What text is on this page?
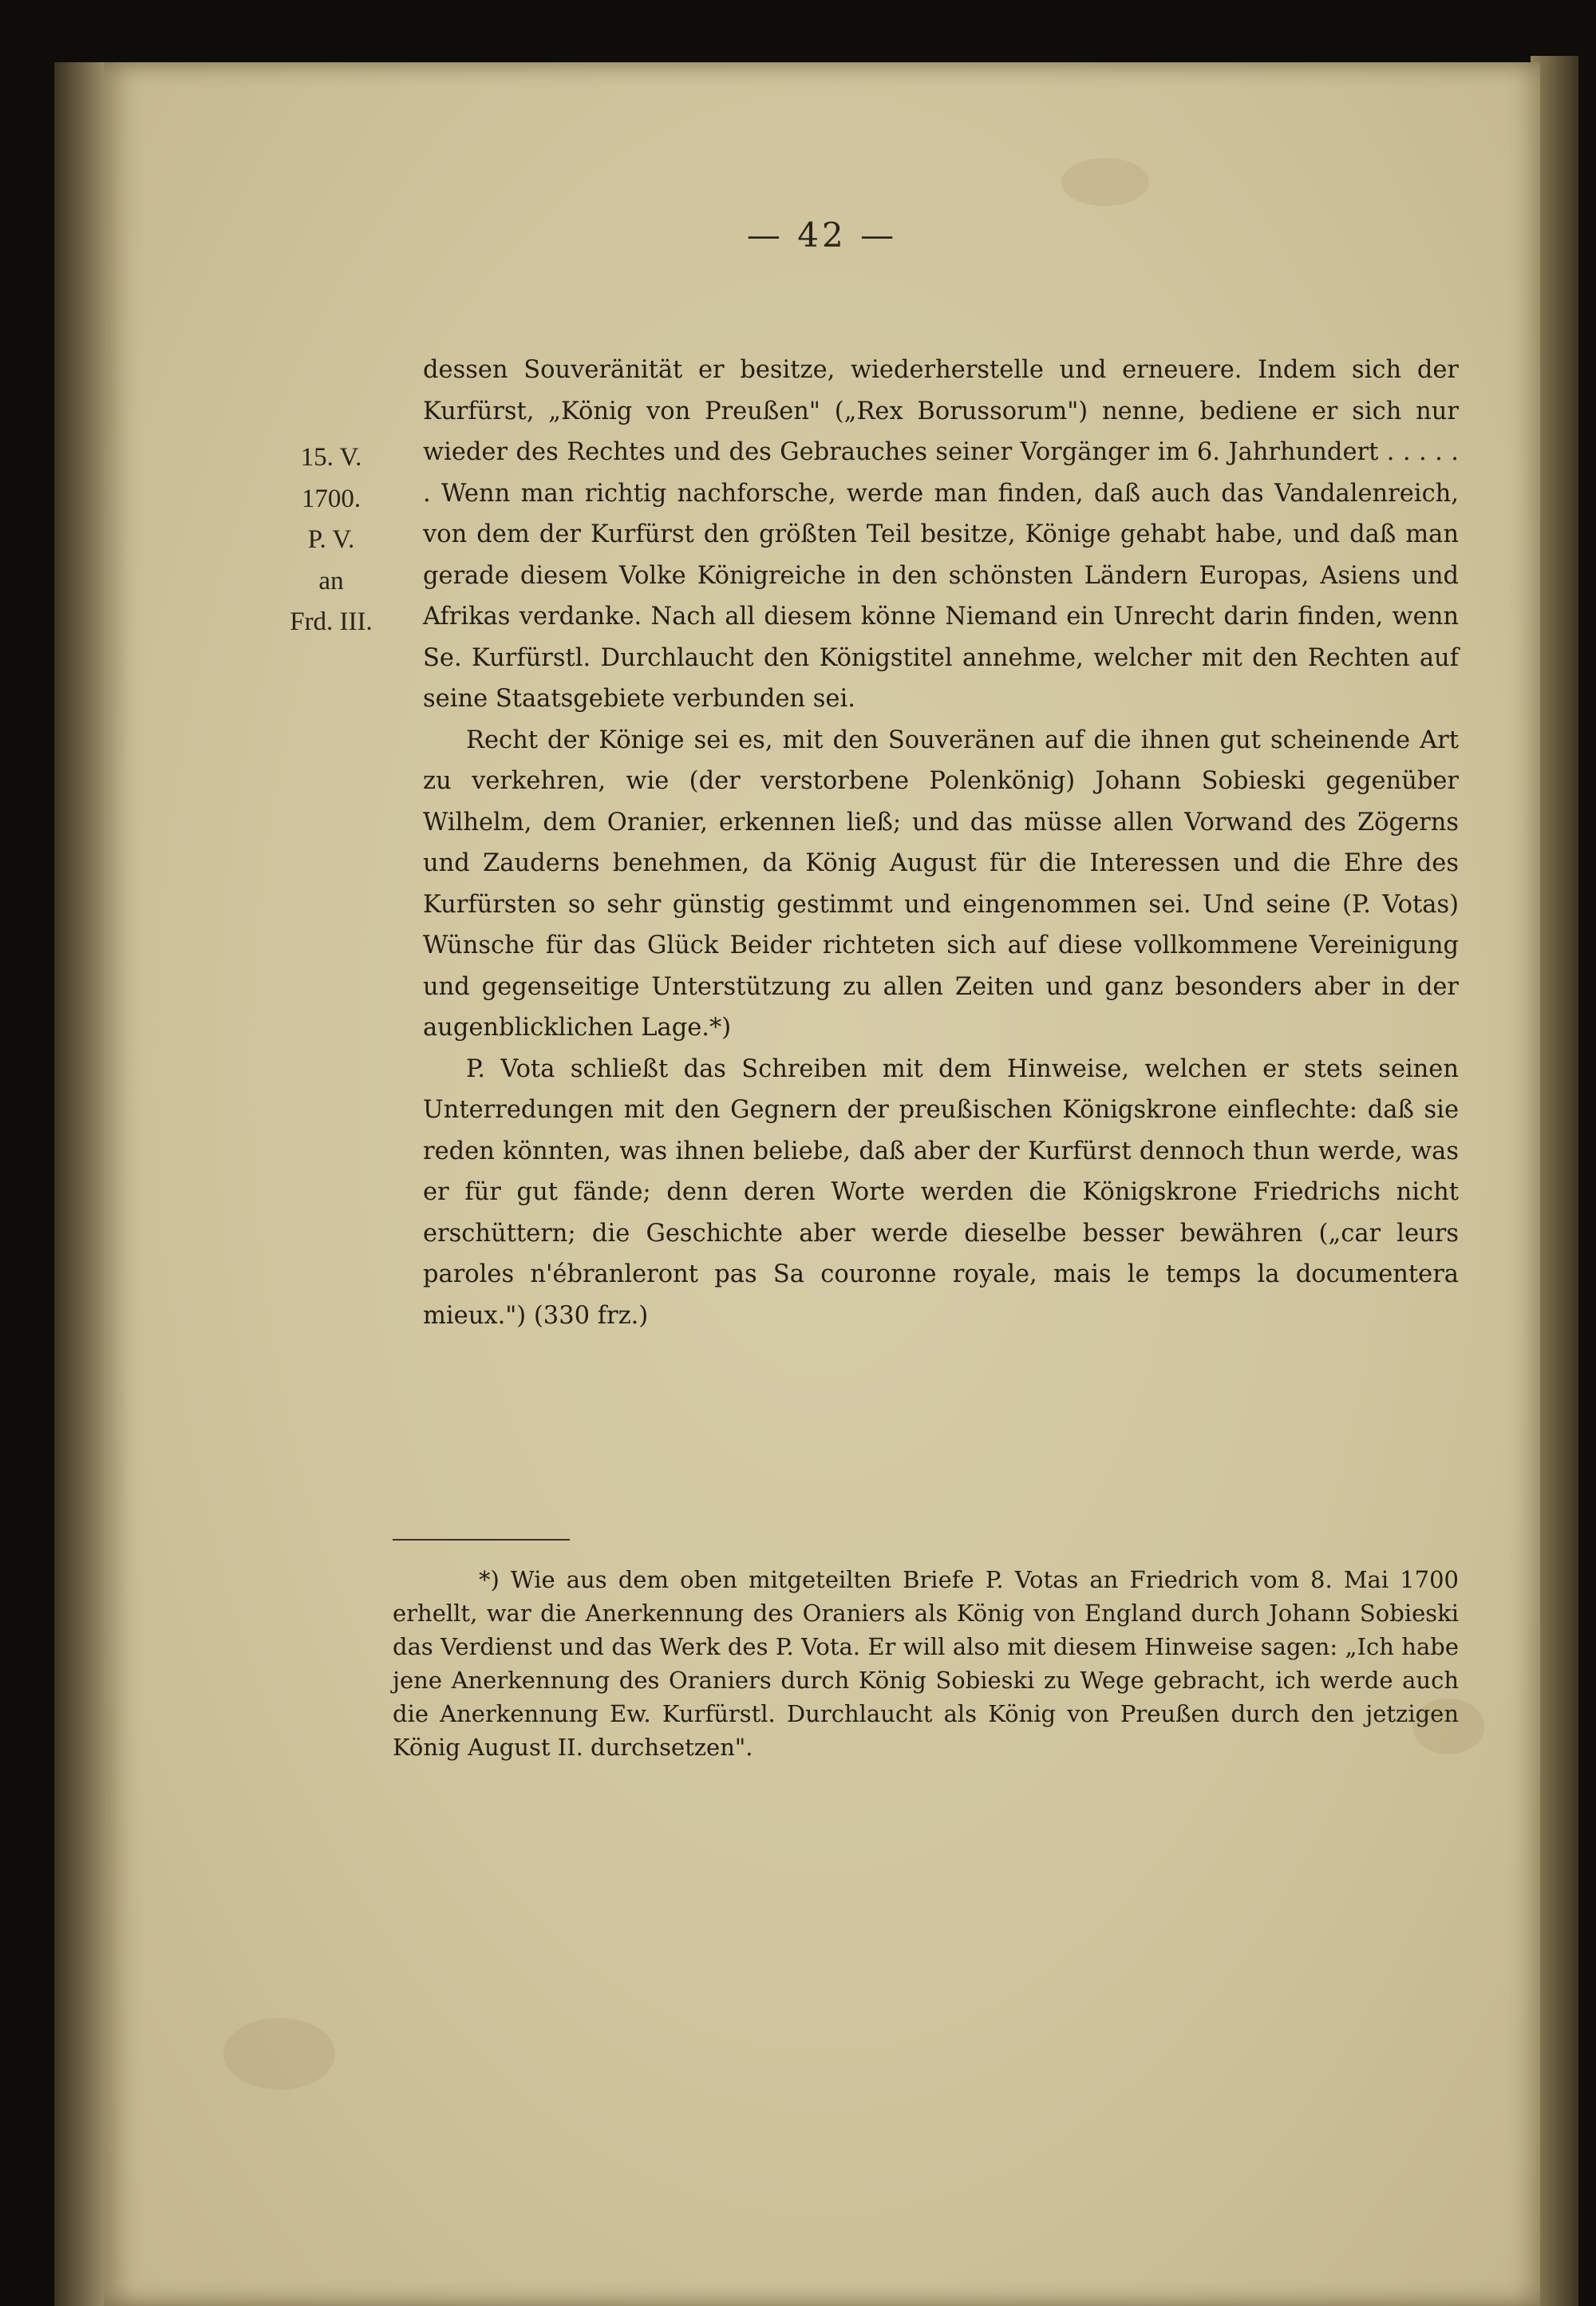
— 42 —
15. V.
1700.
P. V.
an
Frd. III.

dessen Souveränität er besitze, wiederherstelle und erneuere. Indem sich der Kurfürst, „König von Preußen" („Rex Borussorum") nenne, bediene er sich nur wieder des Rechtes und des Gebrauches seiner Vorgänger im 6. Jahrhundert . . . . . . Wenn man richtig nachforsche, werde man finden, daß auch das Vandalenreich, von dem der Kurfürst den größten Teil besitze, Könige gehabt habe, und daß man gerade diesem Volke Königreiche in den schönsten Ländern Europas, Asiens und Afrikas verdanke. Nach all diesem könne Niemand ein Unrecht darin finden, wenn Se. Kurfürstl. Durchlaucht den Königstitel annehme, welcher mit den Rechten auf seine Staatsgebiete verbunden sei.

Recht der Könige sei es, mit den Souveränen auf die ihnen gut scheinende Art zu verkehren, wie (der verstorbene Polenkönig) Johann Sobieski gegenüber Wilhelm, dem Oranier, erkennen ließ; und das müsse allen Vorwand des Zögerns und Zauderns benehmen, da König August für die Interessen und die Ehre des Kurfürsten so sehr günstig gestimmt und eingenommen sei. Und seine (P. Votas) Wünsche für das Glück Beider richteten sich auf diese vollkommene Vereinigung und gegenseitige Unterstützung zu allen Zeiten und ganz besonders aber in der augenblicklichen Lage.*)

P. Vota schließt das Schreiben mit dem Hinweise, welchen er stets seinen Unterredungen mit den Gegnern der preußischen Königskrone einflechte: daß sie reden könnten, was ihnen beliebe, daß aber der Kurfürst dennoch thun werde, was er für gut fände; denn deren Worte werden die Königskrone Friedrichs nicht erschüttern; die Geschichte aber werde dieselbe besser bewähren („car leurs paroles n'ébranleront pas Sa couronne royale, mais le temps la documentera mieux.") (330 frz.)

*) Wie aus dem oben mitgeteilten Briefe P. Votas an Friedrich vom 8. Mai 1700 erhellt, war die Anerkennung des Oraniers als König von England durch Johann Sobieski das Verdienst und das Werk des P. Vota. Er will also mit diesem Hinweise sagen: „Ich habe jene Anerkennung des Oraniers durch König Sobieski zu Wege gebracht, ich werde auch die Anerkennung Ew. Kurfürstl. Durchlaucht als König von Preußen durch den jetzigen König August II. durchsetzen".
